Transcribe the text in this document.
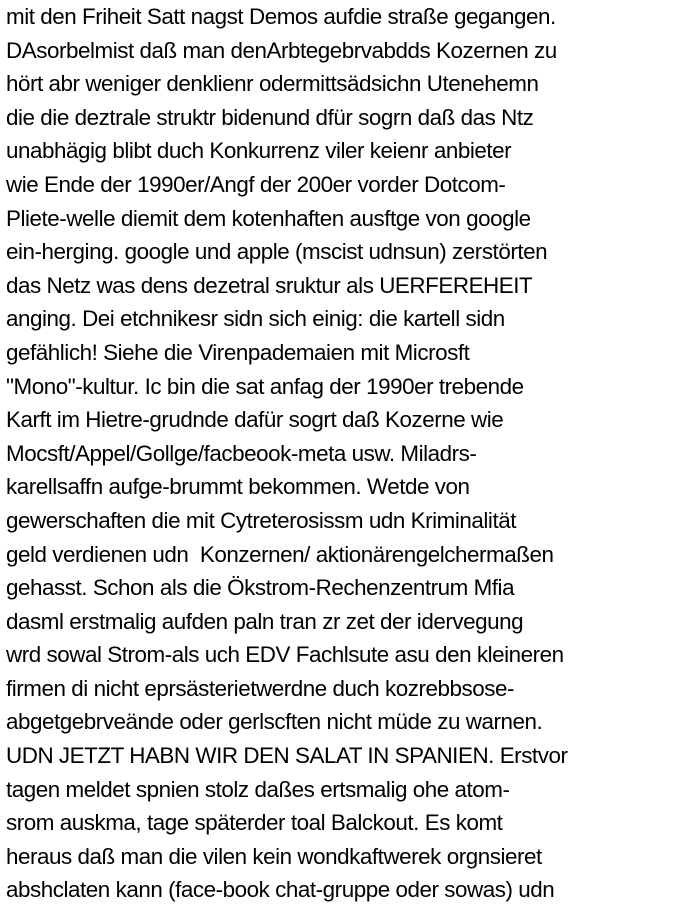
mit den Friheit Satt nagst Demos aufdie straße gegangen.
DAsorbelmist daß man denArbtegebrvabdds Kozernen zu
hört abr weniger denklienr odermittsädsichn Utenehemn
die die deztrale struktr bidenund dfür sogrn daß das Ntz
unabhägig blibt duch Konkurrenz viler keienr anbieter
wie Ende der 1990er/Angf der 200er vorder Dotcom-
Pliete-welle diemit dem kotenhaften ausftge von google
ein-herging. google und apple (mscist udnsun) zerstörten
das Netz was dens dezetral sruktur als UERFEREHEIT
anging. Dei etchnikesr sidn sich einig: die kartell sidn
gefählich! Siehe die Virenpademaien mit Microsft
"Mono"-kultur. Ic bin die sat anfag der 1990er trebende
Karft im Hietre-grudnde dafür sogrt daß Kozerne wie
Mocsft/Appel/Gollge/facbeook-meta usw. Miladrs-
karellsaffn aufge-brummt bekommen. Wetde von
gewerschaften die mit Cytreterosissm udn Kriminalität
geld verdienen udn  Konzernen/ aktionärengelchermaßen
gehasst. Schon als die Ökstrom-Rechenzentrum Mfia
dasml erstmalig aufden paln tran zr zet der idervegung
wrd sowal Strom-als uch EDV Fachlsute asu den kleineren
firmen di nicht eprsästerietwerdne duch kozrebbsose-
abgetgebrveände oder gerlscften nicht müde zu warnen.
UDN JETZT HABN WIR DEN SALAT IN SPANIEN. Erstvor
tagen meldet spnien stolz daßes ertsmalig ohe atom-
srom auskma, tage späterder toal Balckout. Es komt
heraus daß man die vilen kein wondkaftwerek orgnsieret
abshclaten kann (face-book chat-gruppe oder sowas) udn
